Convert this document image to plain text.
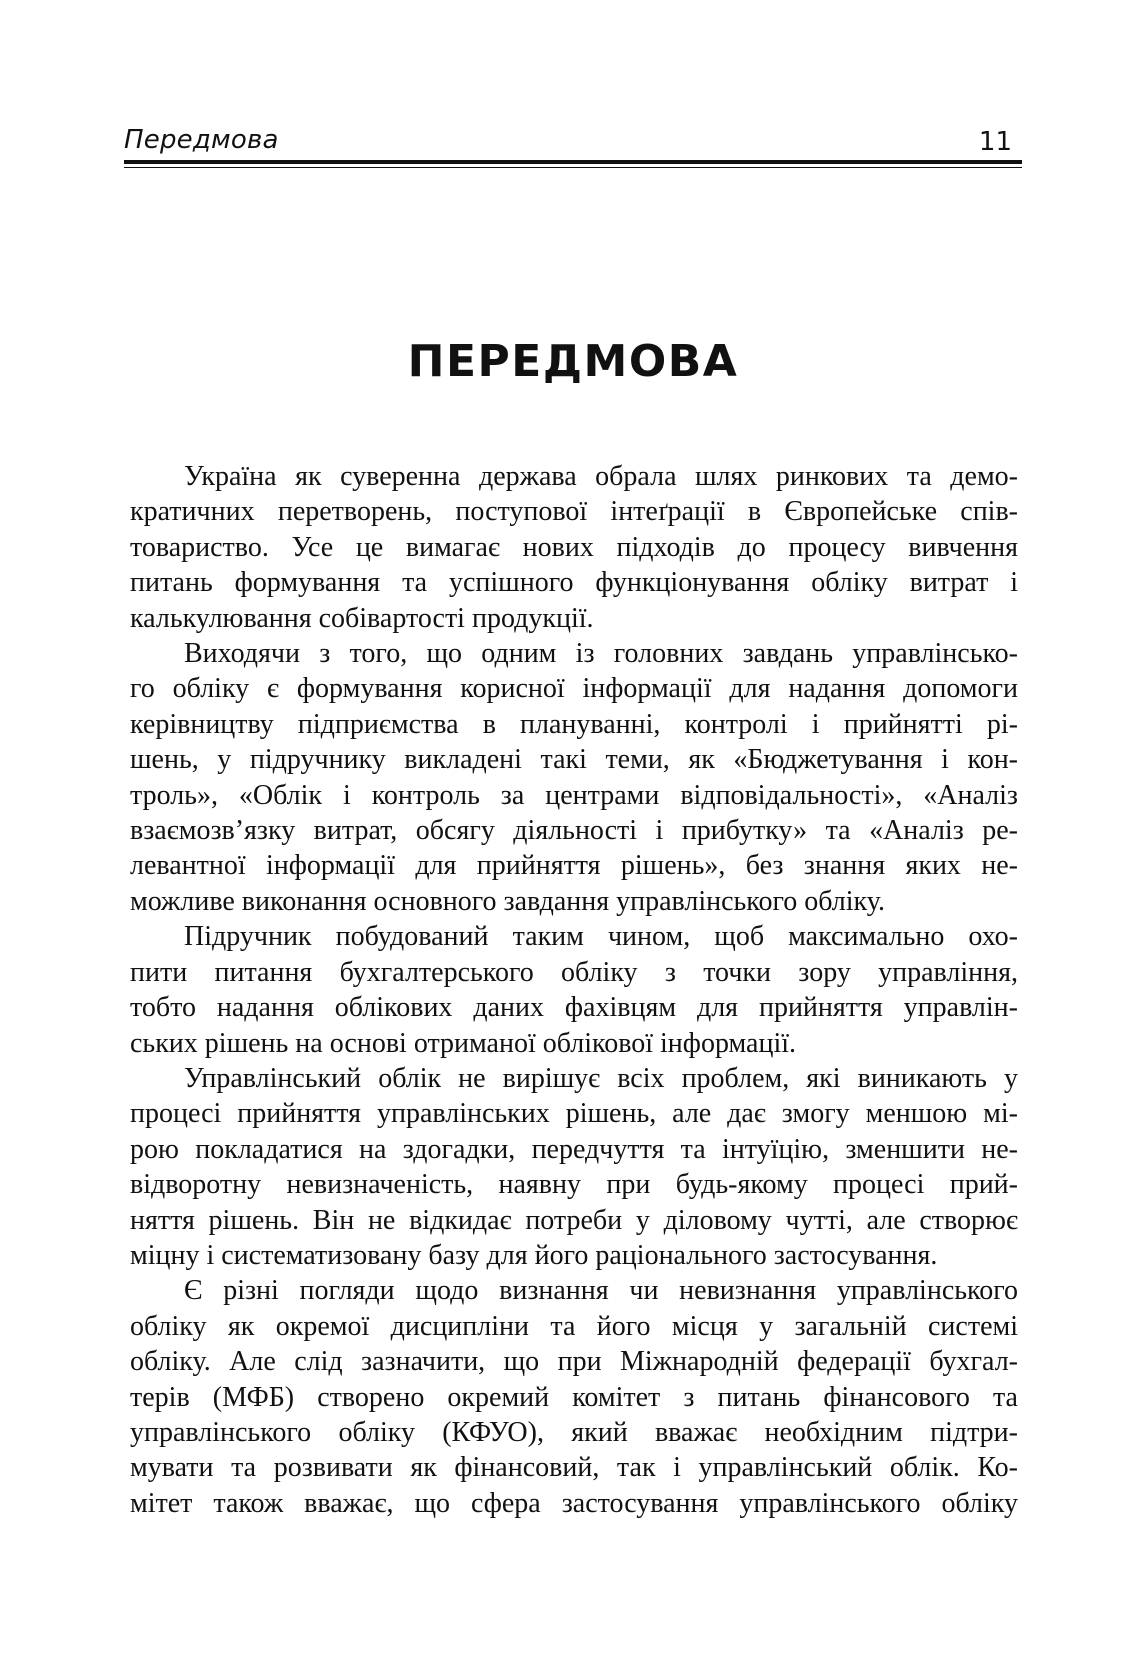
Передмова	11
ПЕРЕДМОВА

Україна як суверенна держава обрала шлях ринкових та демо-
кратичних перетворень, поступової інтеґрації в Європейське спів-
товариство. Усе це вимагає нових підходів до процесу вивчення
питань формування та успішного функціонування обліку витрат і
калькулювання собівартості продукції.

Виходячи з того, що одним із головних завдань управлінсько-
го обліку є формування корисної інформації для надання допомоги
керівництву підприємства в плануванні, контролі і прийнятті рі-
шень, у підручнику викладені такі теми, як «Бюджетування і кон-
троль», «Облік і контроль за центрами відповідальності», «Аналіз
взаємозв’язку витрат, обсягу діяльності і прибутку» та «Аналіз ре-
левантної інформації для прийняття рішень», без знання яких не-
можливе виконання основного завдання управлінського обліку.

Підручник побудований таким чином, щоб максимально охо-
пити питання бухгалтерського обліку з точки зору управління,
тобто надання облікових даних фахівцям для прийняття управлін-
ських рішень на основі отриманої облікової інформації.

Управлінський облік не вирішує всіх проблем, які виникають у
процесі прийняття управлінських рішень, але дає змогу меншою мі-
рою покладатися на здогадки, передчуття та інтуїцію, зменшити не-
відворотну невизначеність, наявну при будь-якому процесі прий-
няття рішень. Він не відкидає потреби у діловому чутті, але створює
міцну і систематизовану базу для його раціонального застосування.

Є різні погляди щодо визнання чи невизнання управлінського
обліку як окремої дисципліни та його місця у загальній системі
обліку. Але слід зазначити, що при Міжнародній федерації бухгал-
терів (МФБ) створено окремий комітет з питань фінансового та
управлінського обліку (КФУО), який вважає необхідним підтри-
мувати та розвивати як фінансовий, так і управлінський облік. Ко-
мітет також вважає, що сфера застосування управлінського обліку
